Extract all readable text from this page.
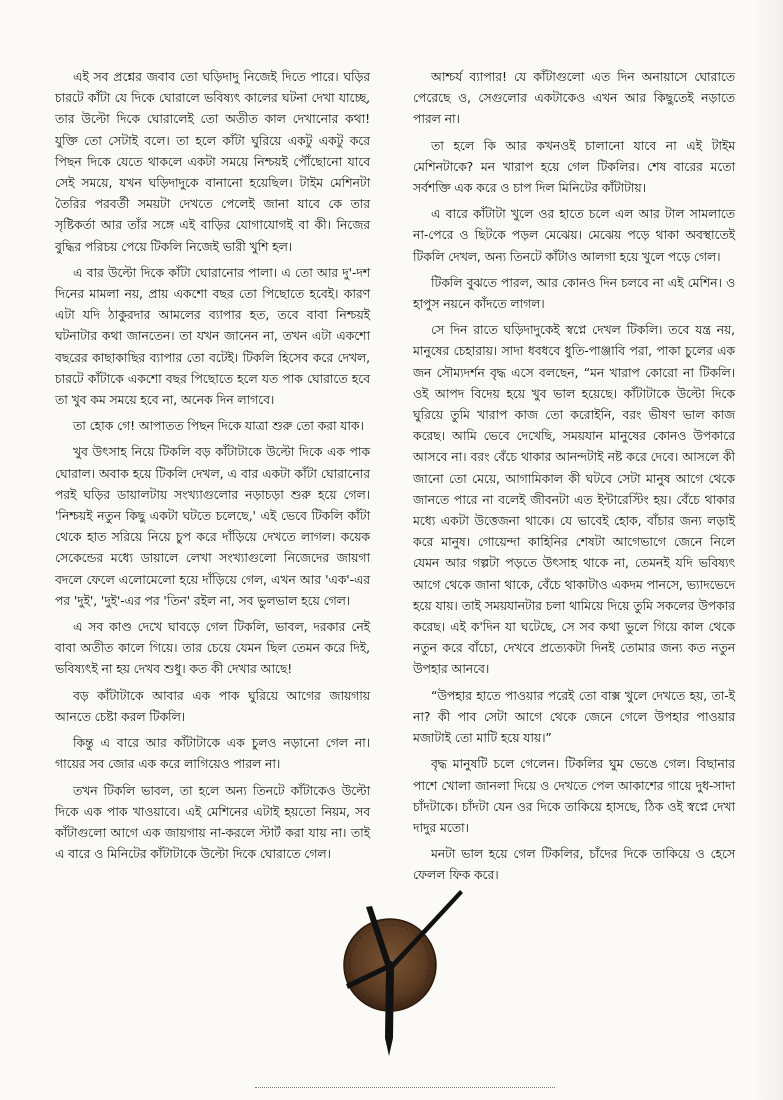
এই সব প্রশ্নের জবাব তো ঘড়িদাদু নিজেই দিতে পারে। ঘড়ির চারটে কাঁটা যে দিকে ঘোরালে ভবিষ্যৎ কালের ঘটনা দেখা যাচ্ছে, তার উল্টো দিকে ঘোরালেই তো অতীত কাল দেখানোর কথা! যুক্তি তো সেটাই বলে। তা হলে কাঁটা ঘুরিয়ে একটু একটু করে পিছন দিকে যেতে থাকলে একটা সময়ে নিশ্চয়ই পৌঁছোনো যাবে সেই সময়ে, যখন ঘড়িদাদুকে বানানো হয়েছিল। টাইম মেশিনটা তৈরির পরবর্তী সময়টা দেখতে পেলেই জানা যাবে কে তার সৃষ্টিকর্তা আর তাঁর সঙ্গে এই বাড়ির যোগাযোগই বা কী। নিজের বুদ্ধির পরিচয় পেয়ে টিকলি নিজেই ভারী খুশি হল।

এ বার উল্টো দিকে কাঁটা ঘোরানোর পালা। এ তো আর দু'-দশ দিনের মামলা নয়, প্রায় একশো বছর তো পিছোতে হবেই। কারণ এটা যদি ঠাকুরদার আমলের ব্যাপার হত, তবে বাবা নিশ্চয়ই ঘটনাটার কথা জানতেন। তা যখন জানেন না, তখন এটা একশো বছরের কাছাকাছির ব্যাপার তো বটেই। টিকলি হিসেব করে দেখল, চারটে কাঁটাকে একশো বছর পিছোতে হলে যত পাক ঘোরাতে হবে তা খুব কম সময়ে হবে না, অনেক দিন লাগবে।

তা হোক গে! আপাতত পিছন দিকে যাত্রা শুরু তো করা যাক।

খুব উৎসাহ নিয়ে টিকলি বড় কাঁটাটাকে উল্টো দিকে এক পাক ঘোরাল। অবাক হয়ে টিকলি দেখল, এ বার একটা কাঁটা ঘোরানোর পরই ঘড়ির ডায়ালটায় সংখ্যাগুলোর নড়াচড়া শুরু হয়ে গেল। 'নিশ্চয়ই নতুন কিছু একটা ঘটতে চলেছে,' এই ভেবে টিকলি কাঁটা থেকে হাত সরিয়ে নিয়ে চুপ করে দাঁড়িয়ে দেখতে লাগল। কয়েক সেকেন্ডের মধ্যে ডায়ালে লেখা সংখ্যাগুলো নিজেদের জায়গা বদলে ফেলে এলোমেলো হয়ে দাঁড়িয়ে গেল, এখন আর 'এক'-এর পর 'দুই', 'দুই'-এর পর 'তিন' রইল না, সব ভুলভাল হয়ে গেল।

এ সব কাণ্ড দেখে ঘাবড়ে গেল টিকলি, ভাবল, দরকার নেই বাবা অতীত কালে গিয়ে। তার চেয়ে যেমন ছিল তেমন করে দিই, ভবিষ্যৎই না হয় দেখব শুধু। কত কী দেখার আছে!

বড় কাঁটাটাকে আবার এক পাক ঘুরিয়ে আগের জায়গায় আনতে চেষ্টা করল টিকলি।

কিন্তু এ বারে আর কাঁটাটাকে এক চুলও নড়ানো গেল না। গায়ের সব জোর এক করে লাগিয়েও পারল না।

তখন টিকলি ভাবল, তা হলে অন্য তিনটে কাঁটাকেও উল্টো দিকে এক পাক খাওয়াবে। এই মেশিনের এটাই হয়তো নিয়ম, সব কাঁটাগুলো আগে এক জায়গায় না-করলে স্টার্ট করা যায় না। তাই এ বারে ও মিনিটের কাঁটাটাকে উল্টো দিকে ঘোরাতে গেল।

আশ্চর্য ব্যাপার! যে কাঁটাগুলো এত দিন অনায়াসে ঘোরাতে পেরেছে ও, সেগুলোর একটাকেও এখন আর কিছুতেই নড়াতে পারল না।

তা হলে কি আর কখনওই চালানো যাবে না এই টাইম মেশিনটাকে? মন খারাপ হয়ে গেল টিকলির। শেষ বারের মতো সর্বশক্তি এক করে ও চাপ দিল মিনিটের কাঁটাটায়।

এ বারে কাঁটাটা খুলে ওর হাতে চলে এল আর টাল সামলাতে না-পেরে ও ছিটকে পড়ল মেঝেয়। মেঝেয় পড়ে থাকা অবস্থাতেই টিকলি দেখল, অন্য তিনটে কাঁটাও আলগা হয়ে খুলে পড়ে গেল।

টিকলি বুঝতে পারল, আর কোনও দিন চলবে না এই মেশিন। ও হাপুস নয়নে কাঁদতে লাগল।

সে দিন রাতে ঘড়িদাদুকেই স্বপ্নে দেখল টিকলি। তবে যন্ত্র নয়, মানুষের চেহারায়। সাদা ধবধবে ধুতি-পাঞ্জাবি পরা, পাকা চুলের এক জন সৌম্যদর্শন বৃদ্ধ এসে বলছেন, “মন খারাপ কোরো না টিকলি। ওই আপদ বিদেয় হয়ে খুব ভাল হয়েছে। কাঁটাটাকে উল্টো দিকে ঘুরিয়ে তুমি খারাপ কাজ তো করোইনি, বরং ভীষণ ভাল কাজ করেছ। আমি ভেবে দেখেছি, সময়যান মানুষের কোনও উপকারে আসবে না। বরং বেঁচে থাকার আনন্দটাই নষ্ট করে দেবে। আসলে কী জানো তো মেয়ে, আগামিকাল কী ঘটবে সেটা মানুষ আগে থেকে জানতে পারে না বলেই জীবনটা এত ইন্টারেস্টিং হয়। বেঁচে থাকার মধ্যে একটা উত্তেজনা থাকে। যে ভাবেই হোক, বাঁচার জন্য লড়াই করে মানুষ। গোয়েন্দা কাহিনির শেষটা আগেভাগে জেনে নিলে যেমন আর গল্পটা পড়তে উৎসাহ থাকে না, তেমনই যদি ভবিষ্যৎ আগে থেকে জানা থাকে, বেঁচে থাকাটাও একদম পানসে, ভ্যাদভেদে হয়ে যায়। তাই সময়যানটার চলা থামিয়ে দিয়ে তুমি সকলের উপকার করেছ। এই ক'দিন যা ঘটেছে, সে সব কথা ভুলে গিয়ে কাল থেকে নতুন করে বাঁচো, দেখবে প্রত্যেকটা দিনই তোমার জন্য কত নতুন উপহার আনবে।

“উপহার হাতে পাওয়ার পরেই তো বাক্স খুলে দেখতে হয়, তা-ই না? কী পাব সেটা আগে থেকে জেনে গেলে উপহার পাওয়ার মজাটাই তো মাটি হয়ে যায়।”

বৃদ্ধ মানুষটি চলে গেলেন। টিকলির ঘুম ভেঙে গেল। বিছানার পাশে খোলা জানলা দিয়ে ও দেখতে পেল আকাশের গায়ে দুধ-সাদা চাঁদটাকে। চাঁদটা যেন ওর দিকে তাকিয়ে হাসছে, ঠিক ওই স্বপ্নে দেখা দাদুর মতো।

মনটা ভাল হয়ে গেল টিকলির, চাঁদের দিকে তাকিয়ে ও হেসে ফেলল ফিক করে।
